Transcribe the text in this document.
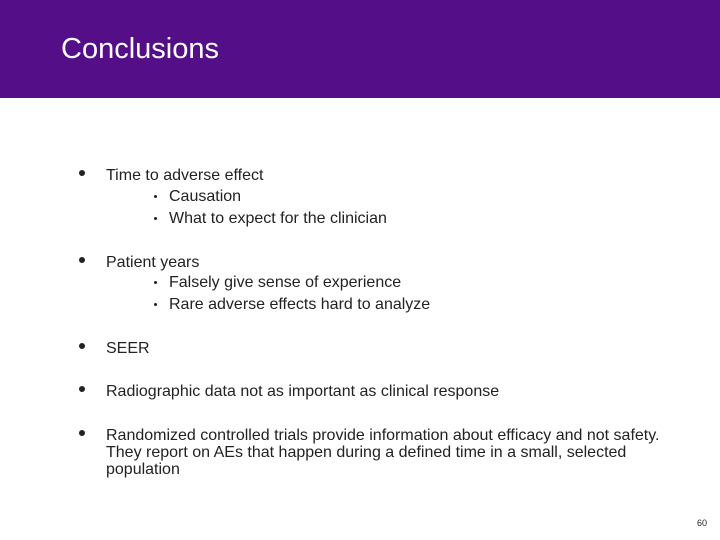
Conclusions
Time to adverse effect
Causation
What to expect for the clinician
Patient years
Falsely give sense of experience
Rare adverse effects hard to analyze
SEER
Radiographic data not as important as clinical response
Randomized controlled trials provide information about efficacy and not safety. They report on AEs that happen during a defined time in a small, selected population
60
